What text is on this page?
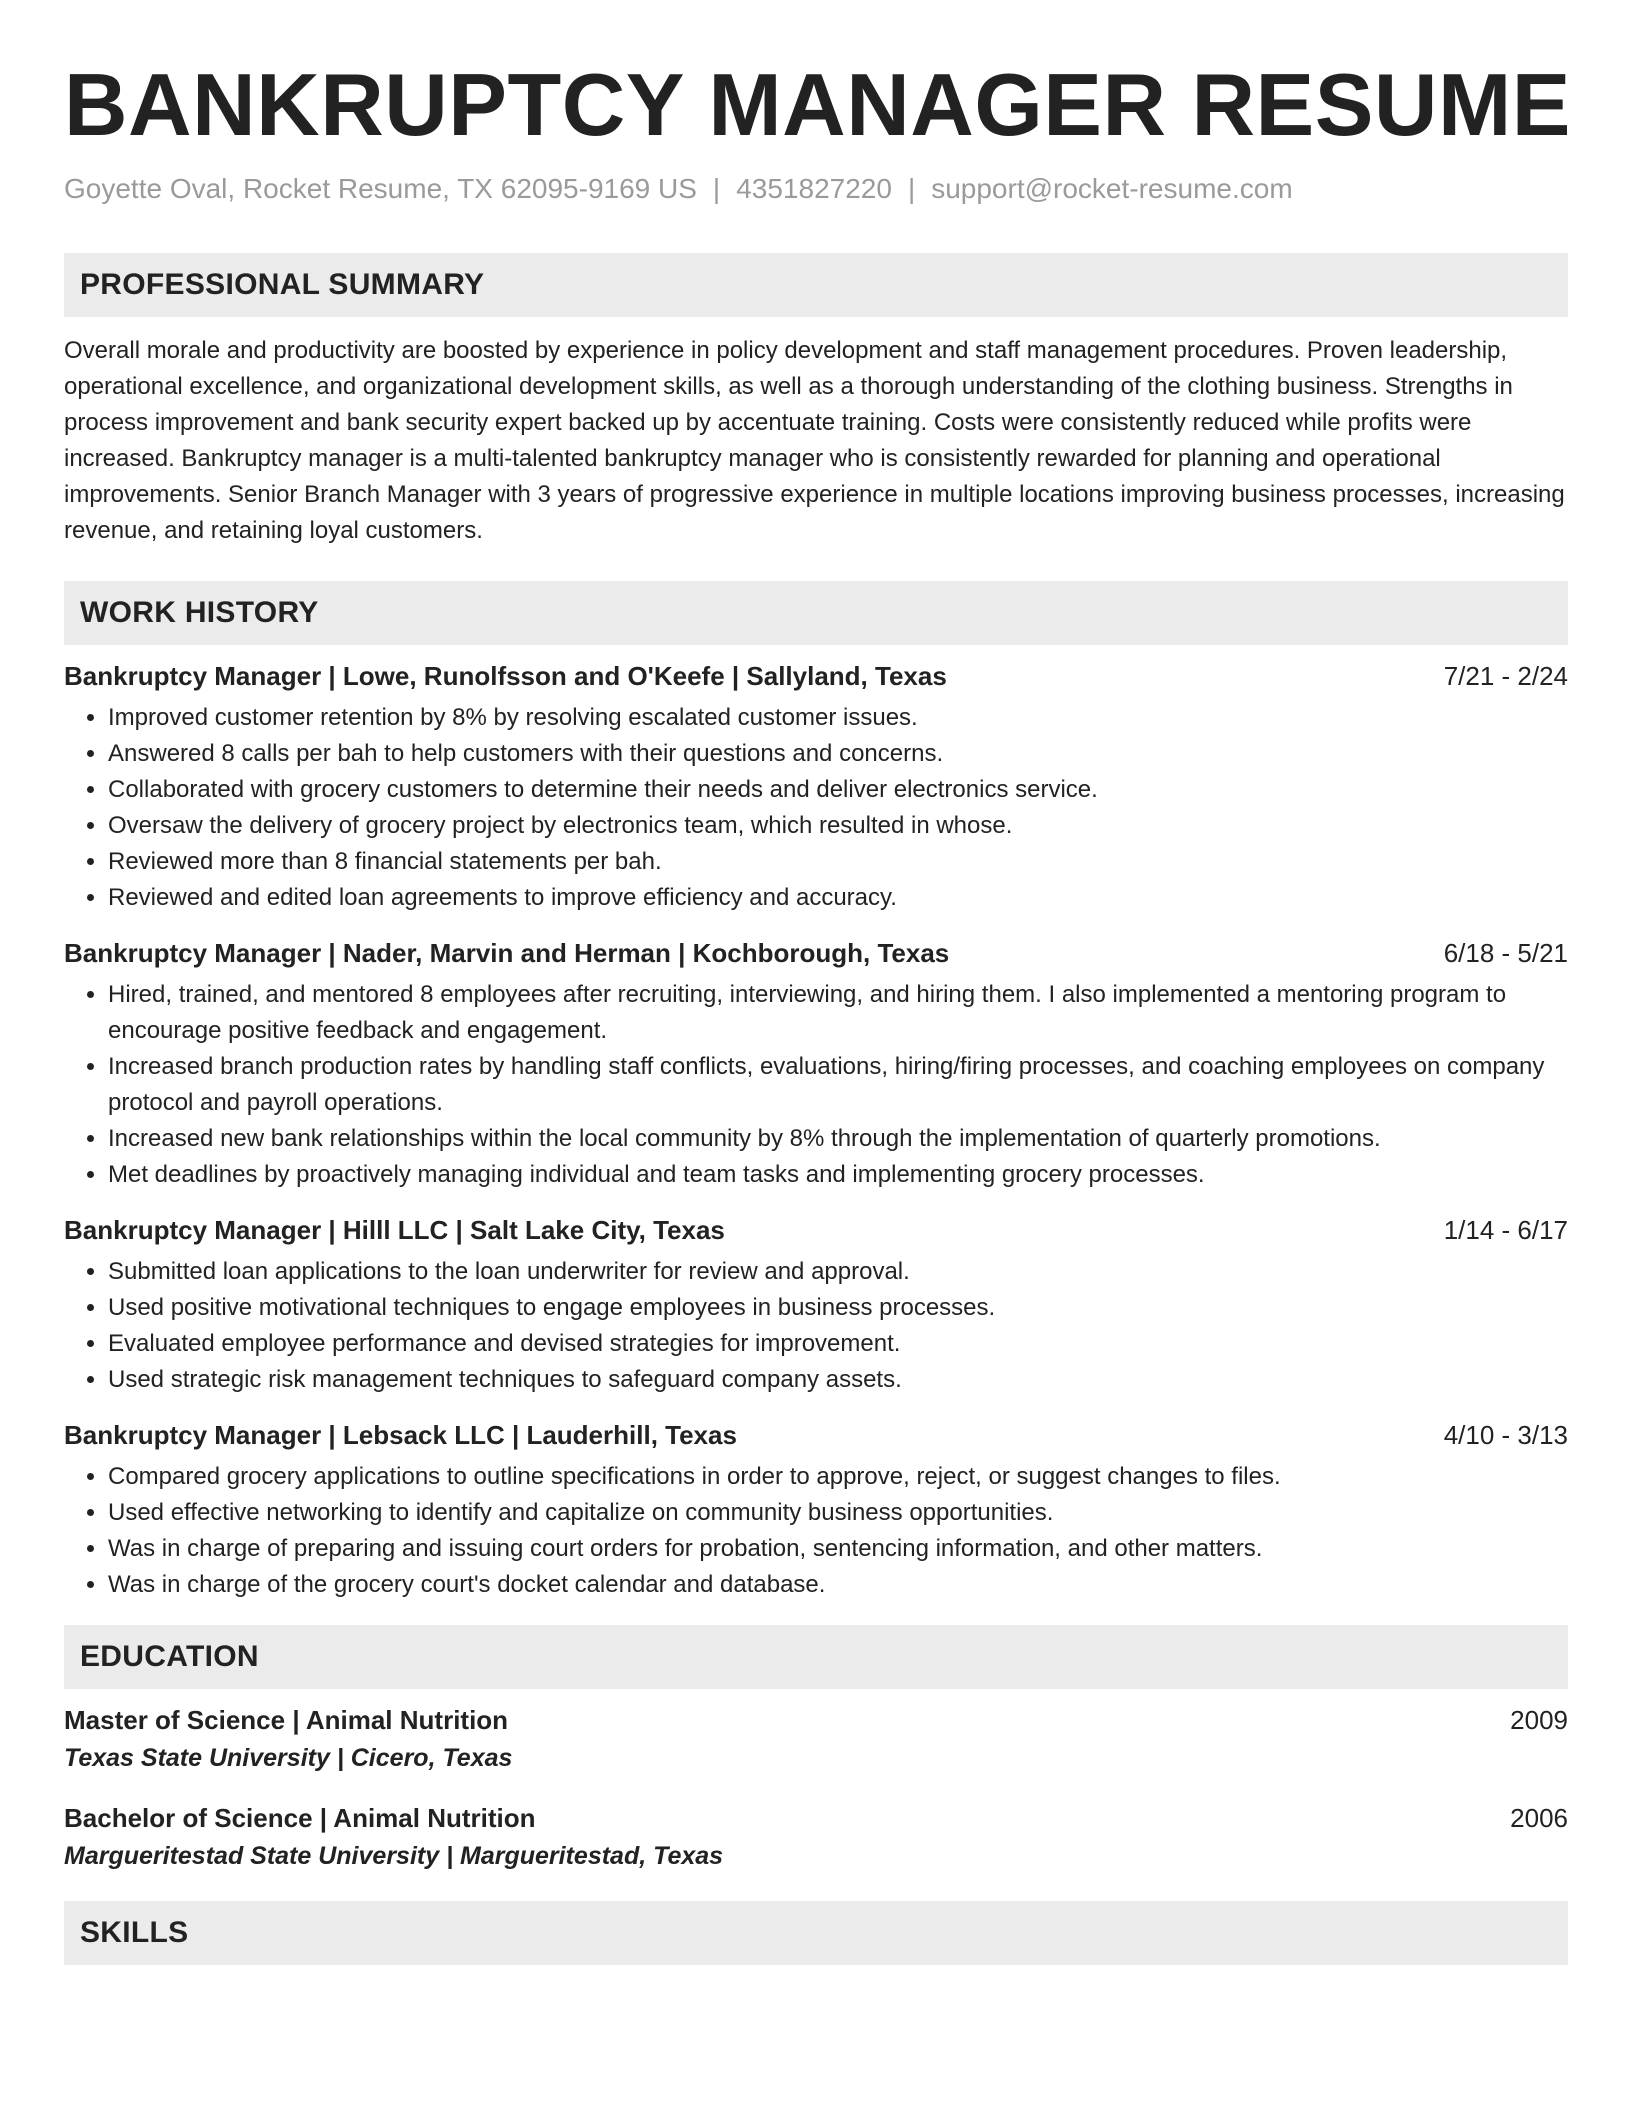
BANKRUPTCY MANAGER RESUME
Goyette Oval, Rocket Resume, TX 62095-9169 US | 4351827220 | support@rocket-resume.com
PROFESSIONAL SUMMARY

Overall morale and productivity are boosted by experience in policy development and staff management procedures. Proven leadership, operational excellence, and organizational development skills, as well as a thorough understanding of the clothing business. Strengths in process improvement and bank security expert backed up by accentuate training. Costs were consistently reduced while profits were increased. Bankruptcy manager is a multi-talented bankruptcy manager who is consistently rewarded for planning and operational improvements. Senior Branch Manager with 3 years of progressive experience in multiple locations improving business processes, increasing revenue, and retaining loyal customers.

WORK HISTORY
Bankruptcy Manager | Lowe, Runolfsson and O'Keefe | Sallyland, Texas	7/21 - 2/24
• Improved customer retention by 8% by resolving escalated customer issues.
• Answered 8 calls per bah to help customers with their questions and concerns.
• Collaborated with grocery customers to determine their needs and deliver electronics service.
• Oversaw the delivery of grocery project by electronics team, which resulted in whose.
• Reviewed more than 8 financial statements per bah.
• Reviewed and edited loan agreements to improve efficiency and accuracy.
Bankruptcy Manager | Nader, Marvin and Herman | Kochborough, Texas	6/18 - 5/21
• Hired, trained, and mentored 8 employees after recruiting, interviewing, and hiring them. I also implemented a mentoring program to encourage positive feedback and engagement.
• Increased branch production rates by handling staff conflicts, evaluations, hiring/firing processes, and coaching employees on company protocol and payroll operations.
• Increased new bank relationships within the local community by 8% through the implementation of quarterly promotions.
• Met deadlines by proactively managing individual and team tasks and implementing grocery processes.
Bankruptcy Manager | Hilll LLC | Salt Lake City, Texas	1/14 - 6/17
• Submitted loan applications to the loan underwriter for review and approval.
• Used positive motivational techniques to engage employees in business processes.
• Evaluated employee performance and devised strategies for improvement.
• Used strategic risk management techniques to safeguard company assets.
Bankruptcy Manager | Lebsack LLC | Lauderhill, Texas	4/10 - 3/13
• Compared grocery applications to outline specifications in order to approve, reject, or suggest changes to files.
• Used effective networking to identify and capitalize on community business opportunities.
• Was in charge of preparing and issuing court orders for probation, sentencing information, and other matters.
• Was in charge of the grocery court's docket calendar and database.
EDUCATION
Master of Science | Animal Nutrition	2009
Texas State University | Cicero, Texas
Bachelor of Science | Animal Nutrition	2006
Margueritestad State University | Margueritestad, Texas
SKILLS
